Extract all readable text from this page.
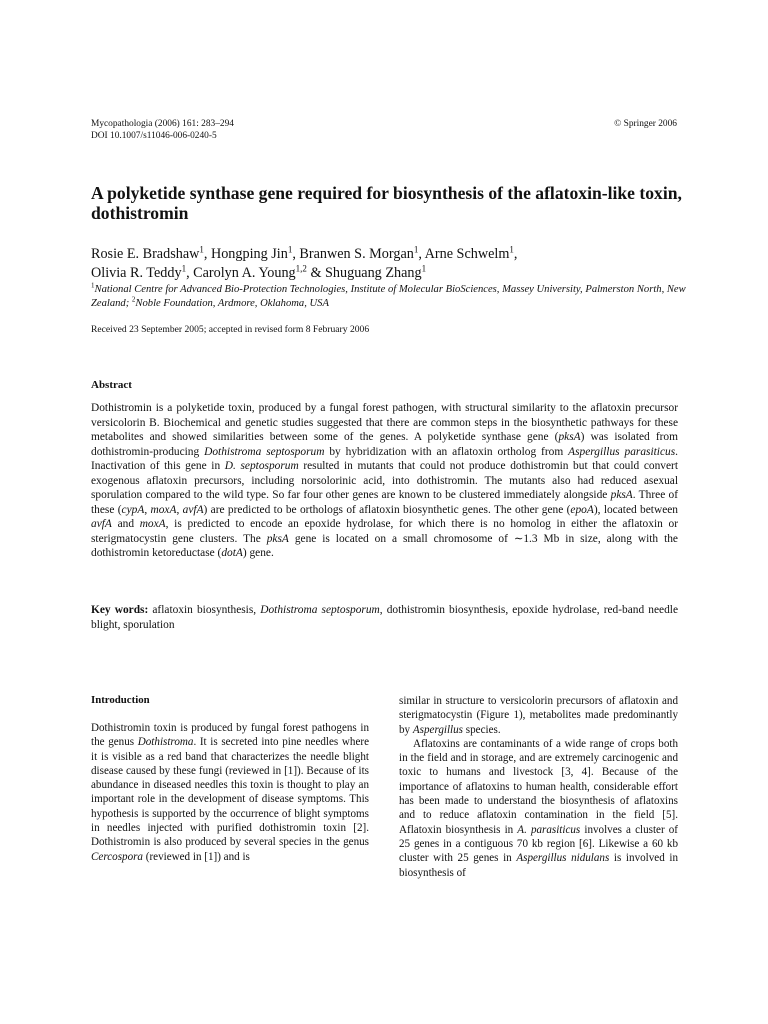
Mycopathologia (2006) 161: 283–294
DOI 10.1007/s11046-006-0240-5
© Springer 2006
A polyketide synthase gene required for biosynthesis of the aflatoxin-like toxin, dothistromin
Rosie E. Bradshaw$^1$, Hongping Jin$^1$, Branwen S. Morgan$^1$, Arne Schwelm$^1$,
Olivia R. Teddy$^1$, Carolyn A. Young$^{1,2}$ & Shuguang Zhang$^1$
$^1$National Centre for Advanced Bio-Protection Technologies, Institute of Molecular BioSciences, Massey University, Palmerston North, New Zealand; $^2$Noble Foundation, Ardmore, Oklahoma, USA
Received 23 September 2005; accepted in revised form 8 February 2006
Abstract

Dothistromin is a polyketide toxin, produced by a fungal forest pathogen, with structural similarity to the aflatoxin precursor versicolorin B. Biochemical and genetic studies suggested that there are common steps in the biosynthetic pathways for these metabolites and showed similarities between some of the genes. A polyketide synthase gene (pksA) was isolated from dothistromin-producing Dothistroma septosporum by hybridization with an aflatoxin ortholog from Aspergillus parasiticus. Inactivation of this gene in D. septosporum resulted in mutants that could not produce dothistromin but that could convert exogenous aflatoxin precursors, including norsolorinic acid, into dothistromin. The mutants also had reduced asexual sporulation compared to the wild type. So far four other genes are known to be clustered immediately alongside pksA. Three of these (cypA, moxA, avfA) are predicted to be orthologs of aflatoxin biosynthetic genes. The other gene (epoA), located between avfA and moxA, is predicted to encode an epoxide hydrolase, for which there is no homolog in either the aflatoxin or sterigmatocystin gene clusters. The pksA gene is located on a small chromosome of ∼1.3 Mb in size, along with the dothistromin ketoreductase (dotA) gene.

Key words: aflatoxin biosynthesis, Dothistroma septosporum, dothistromin biosynthesis, epoxide hydrolase, red-band needle blight, sporulation

Introduction

Dothistromin toxin is produced by fungal forest pathogens in the genus Dothistroma. It is secreted into pine needles where it is visible as a red band that characterizes the needle blight disease caused by these fungi (reviewed in [1]). Because of its abundance in diseased needles this toxin is thought to play an important role in the development of disease symptoms. This hypothesis is supported by the occurrence of blight symptoms in needles injected with purified dothistromin toxin [2]. Dothistromin is also produced by several species in the genus Cercospora (reviewed in [1]) and is

similar in structure to versicolorin precursors of aflatoxin and sterigmatocystin (Figure 1), metabolites made predominantly by Aspergillus species.

Aflatoxins are contaminants of a wide range of crops both in the field and in storage, and are extremely carcinogenic and toxic to humans and livestock [3, 4]. Because of the importance of aflatoxins to human health, considerable effort has been made to understand the biosynthesis of aflatoxins and to reduce aflatoxin contamination in the field [5]. Aflatoxin biosynthesis in A. parasiticus involves a cluster of 25 genes in a contiguous 70 kb region [6]. Likewise a 60 kb cluster with 25 genes in Aspergillus nidulans is involved in biosynthesis of
